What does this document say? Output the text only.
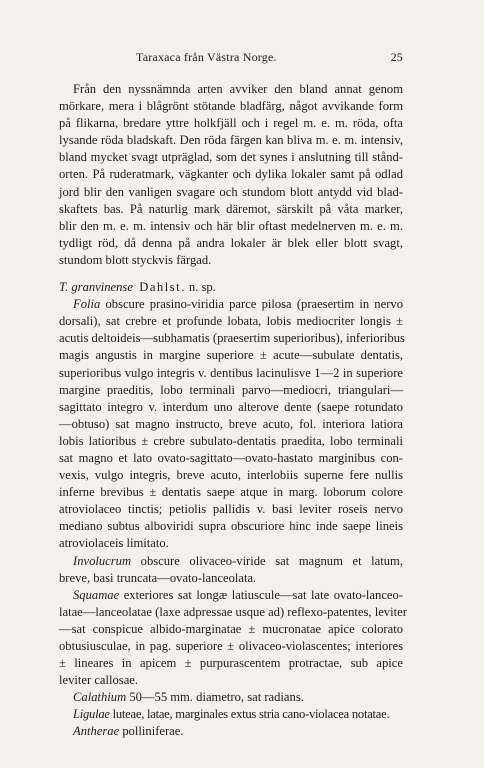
Taraxaca från Västra Norge.	25
Från den nyssnämnda arten avviker den bland annat genom
mörkare, mera i blågrönt stötande bladfärg, något avvikande form
på flikarna, bredare yttre holkfjäll och i regel m. e. m. röda, ofta
lysande röda bladskaft. Den röda färgen kan bliva m. e. m. intensiv,
bland mycket svagt utpräglad, som det synes i anslutning till stånd-
orten. På ruderatmark, vägkanter och dylika lokaler samt på odlad
jord blir den vanligen svagare och stundom blott antydd vid blad-
skaftets bas. På naturlig mark däremot, särskilt på våta marker,
blir den m. e. m. intensiv och här blir oftast medelnerven m. e. m.
tydligt röd, då denna på andra lokaler är blek eller blott svagt,
stundom blott styckvis färgad.
T. granvinense Dahlst. n. sp.
Folia obscure prasino-viridia parce pilosa (praesertim in nervo
dorsali), sat crebre et profunde lobata, lobis mediocriter longis ±
acutis deltoideis—subhamatis (praesertim superioribus), inferioribus
magis angustis in margine superiore ± acute—subulate dentatis,
superioribus vulgo integris v. dentibus lacinulisve 1—2 in superiore
margine praeditis, lobo terminali parvo—mediocri, triangulari—
sagittato integro v. interdum uno alterove dente (saepe rotundato
—obtuso) sat magno instructo, breve acuto, fol. interiora latiora
lobis latioribus ± crebre subulato-dentatis praedita, lobo terminali
sat magno et lato ovato-sagittato—ovato-hastato marginibus con-
vexis, vulgo integris, breve acuto, interlobiis superne fere nullis
inferne brevibus ± dentatis saepe atque in marg. loborum colore
atroviolaceo tinctis; petiolis pallidis v. basi leviter roseis nervo
mediano subtus alboviridi supra obscuriore hinc inde saepe lineis
atroviolaceis limitato.
Involucrum obscure olivaceo-viride sat magnum et latum,
breve, basi truncata—ovato-lanceolata.
Squamae exteriores sat longæ latiuscule—sat late ovato-lanceo-
latae—lanceolatae (laxe adpressae usque ad) reflexo-patentes, leviter
—sat conspicue albido-marginatae ± mucronatae apice colorato
obtusiusculae, in pag. superiore ± olivaceo-violascentes; interiores
± lineares in apicem ± purpurascentem protractae, sub apice
leviter callosae.
Calathium 50—55 mm. diametro, sat radians.
Ligulae luteae, latae, marginales extus stria cano-violacea notatae.
Antherae polliniferae.
